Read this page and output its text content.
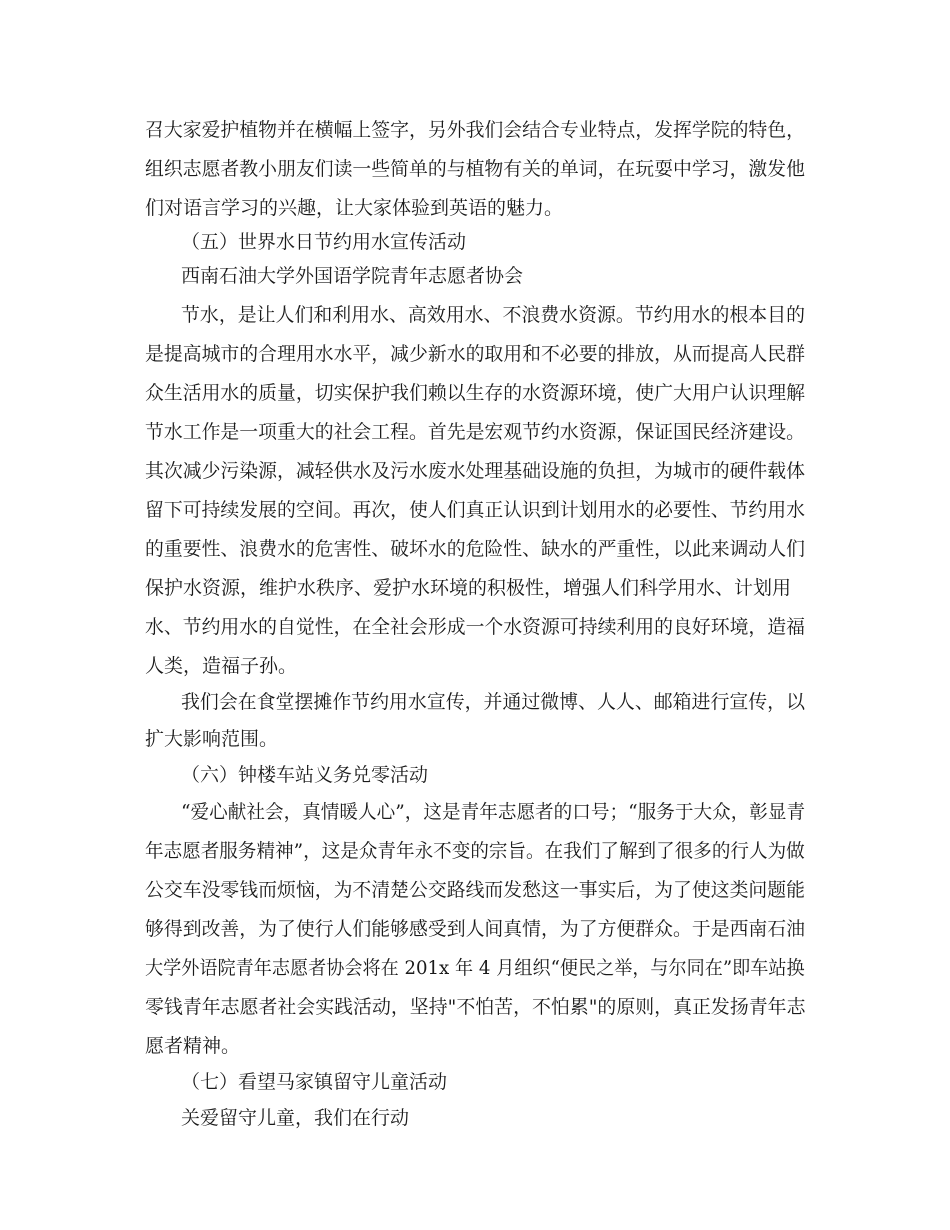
召大家爱护植物并在横幅上签字，另外我们会结合专业特点，发挥学院的特色，
组织志愿者教小朋友们读一些简单的与植物有关的单词，在玩耍中学习，激发他
们对语言学习的兴趣，让大家体验到英语的魅力。
（五）世界水日节约用水宣传活动
西南石油大学外国语学院青年志愿者协会
节水，是让人们和利用水、高效用水、不浪费水资源。节约用水的根本目的
是提高城市的合理用水水平，减少新水的取用和不必要的排放，从而提高人民群
众生活用水的质量，切实保护我们赖以生存的水资源环境，使广大用户认识理解
节水工作是一项重大的社会工程。首先是宏观节约水资源，保证国民经济建设。
其次减少污染源，减轻供水及污水废水处理基础设施的负担，为城市的硬件载体
留下可持续发展的空间。再次，使人们真正认识到计划用水的必要性、节约用水
的重要性、浪费水的危害性、破坏水的危险性、缺水的严重性，以此来调动人们
保护水资源，维护水秩序、爱护水环境的积极性，增强人们科学用水、计划用
水、节约用水的自觉性，在全社会形成一个水资源可持续利用的良好环境，造福
人类，造福子孙。
我们会在食堂摆摊作节约用水宣传，并通过微博、人人、邮箱进行宣传，以
扩大影响范围。
（六）钟楼车站义务兑零活动
“爱心献社会，真情暖人心”，这是青年志愿者的口号；“服务于大众，彰显青
年志愿者服务精神”，这是众青年永不变的宗旨。在我们了解到了很多的行人为做
公交车没零钱而烦恼，为不清楚公交路线而发愁这一事实后，为了使这类问题能
够得到改善，为了使行人们能够感受到人间真情，为了方便群众。于是西南石油
大学外语院青年志愿者协会将在 201x 年 4 月组织“便民之举，与尔同在”即车站换
零钱青年志愿者社会实践活动，坚持"不怕苦，不怕累"的原则，真正发扬青年志
愿者精神。
（七）看望马家镇留守儿童活动
关爱留守儿童，我们在行动
